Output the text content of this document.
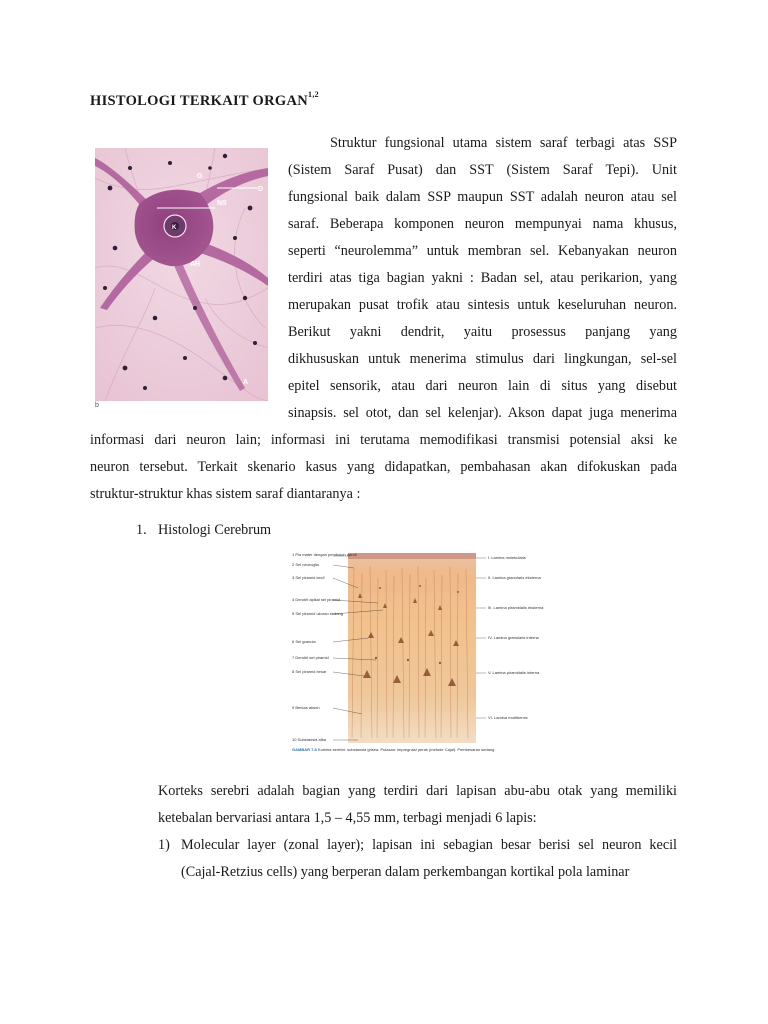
HISTOLOGI TERKAIT ORGAN$^{1,2}$
G
D
NS
K
AH
A
b
Struktur fungsional utama sistem saraf terbagi atas SSP
(Sistem Saraf Pusat) dan SST (Sistem Saraf Tepi). Unit
fungsional baik dalam SSP maupun SST adalah neuron atau sel
saraf. Beberapa komponen neuron mempunyai nama khusus,
seperti “neurolemma” untuk membran sel. Kebanyakan neuron
terdiri atas tiga bagian yakni : Badan sel, atau perikarion, yang
merupakan pusat trofik atau sintesis untuk keseluruhan neuron.
Berikut yakni dendrit, yaitu prosessus panjang yang
dikhususkan untuk menerima stimulus dari lingkungan, sel-sel
epitel sensorik, atau dari neuron lain di situs yang disebut
sinapsis. sel otot, dan sel kelenjar). Akson dapat juga menerima
informasi dari neuron lain; informasi ini terutama memodifikasi transmisi potensial aksi ke
neuron tersebut. Terkait skenario kasus yang didapatkan, pembahasan akan difokuskan pada
struktur-struktur khas sistem saraf diantaranya :
1. Histologi Cerebrum
1 Pia mater dengan pembuluh darah
2 Sel neuroglia
3 Sel piramid kecil
4 Dendrit apikal sel piramid
5 Sel piramid ukuran sedang
6 Sel granula
7 Dendrit sel piramid
8 Sel piramid besar
9 Berkas akson
10 Substansia alba
I. Lamina molekularis
II. Lamina granularis eksterna
III. Lamina piramidalis eksterna
IV. Lamina granularis interna
V. Lamina piramidalis interna
VI. Lamina multiformis
GAMBAR 7.8 Korteks serebri: substansia grisea. Pulasan: impregnasi perak (metode Cajal). Pembesaran sedang.
Korteks serebri adalah bagian yang terdiri dari lapisan abu-abu otak yang memiliki
ketebalan bervariasi antara 1,5 – 4,55 mm, terbagi menjadi 6 lapis:
1) Molecular layer (zonal layer); lapisan ini sebagian besar berisi sel neuron kecil
(Cajal-Retzius cells) yang berperan dalam perkembangan kortikal pola laminar
